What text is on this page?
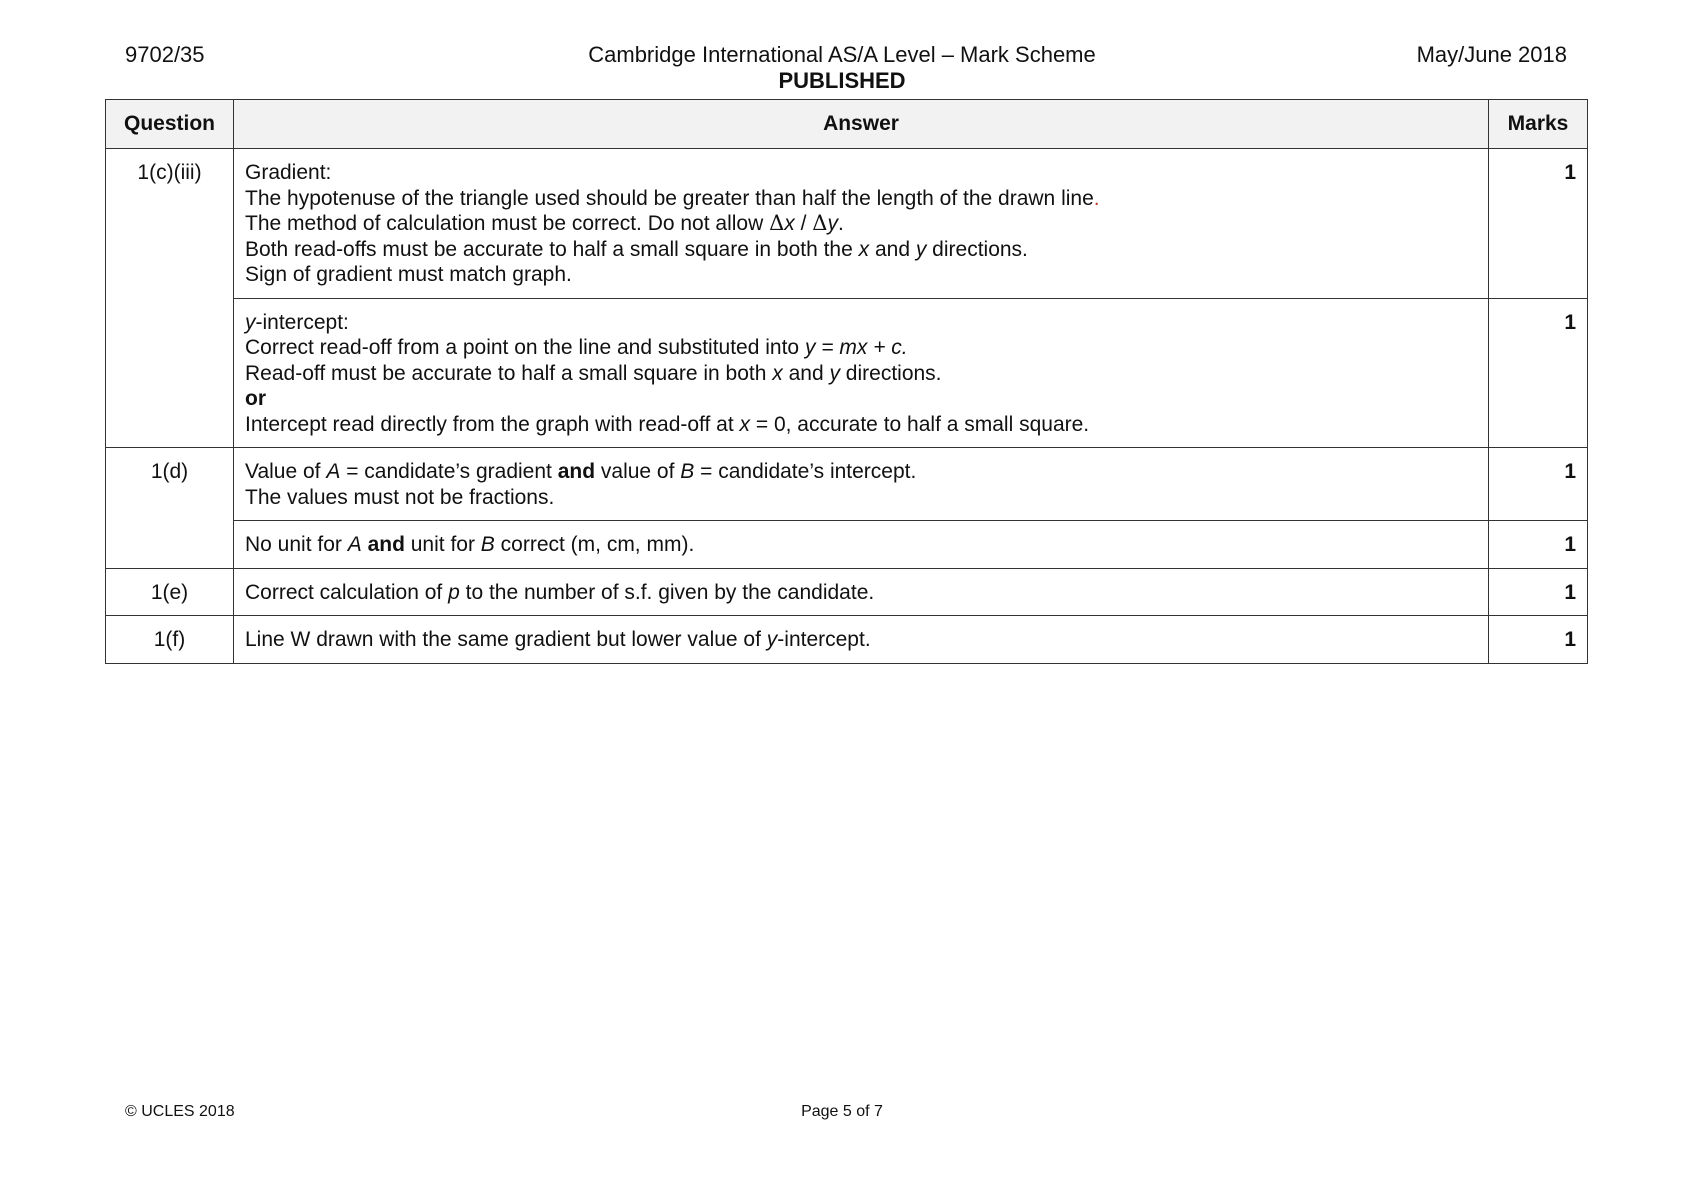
9702/35	Cambridge International AS/A Level – Mark Scheme
PUBLISHED
May/June 2018
Question	Answer	Marks
1(c)(iii)	Gradient:
The hypotenuse of the triangle used should be greater than half the length of the drawn line.
The method of calculation must be correct. Do not allow Δx / Δy.
Both read-offs must be accurate to half a small square in both the x and y directions.
Sign of gradient must match graph.	1

	y-intercept:
Correct read-off from a point on the line and substituted into y = mx + c.
Read-off must be accurate to half a small square in both x and y directions.
or
Intercept read directly from the graph with read-off at x = 0, accurate to half a small square.	1
1(d)	Value of A = candidate’s gradient and value of B = candidate’s intercept.
The values must not be fractions.	1

	No unit for A and unit for B correct (m, cm, mm).	1
1(e)	Correct calculation of p to the number of s.f. given by the candidate.	1
1(f)	Line W drawn with the same gradient but lower value of y-intercept.	1
© UCLES 2018	Page 5 of 7
